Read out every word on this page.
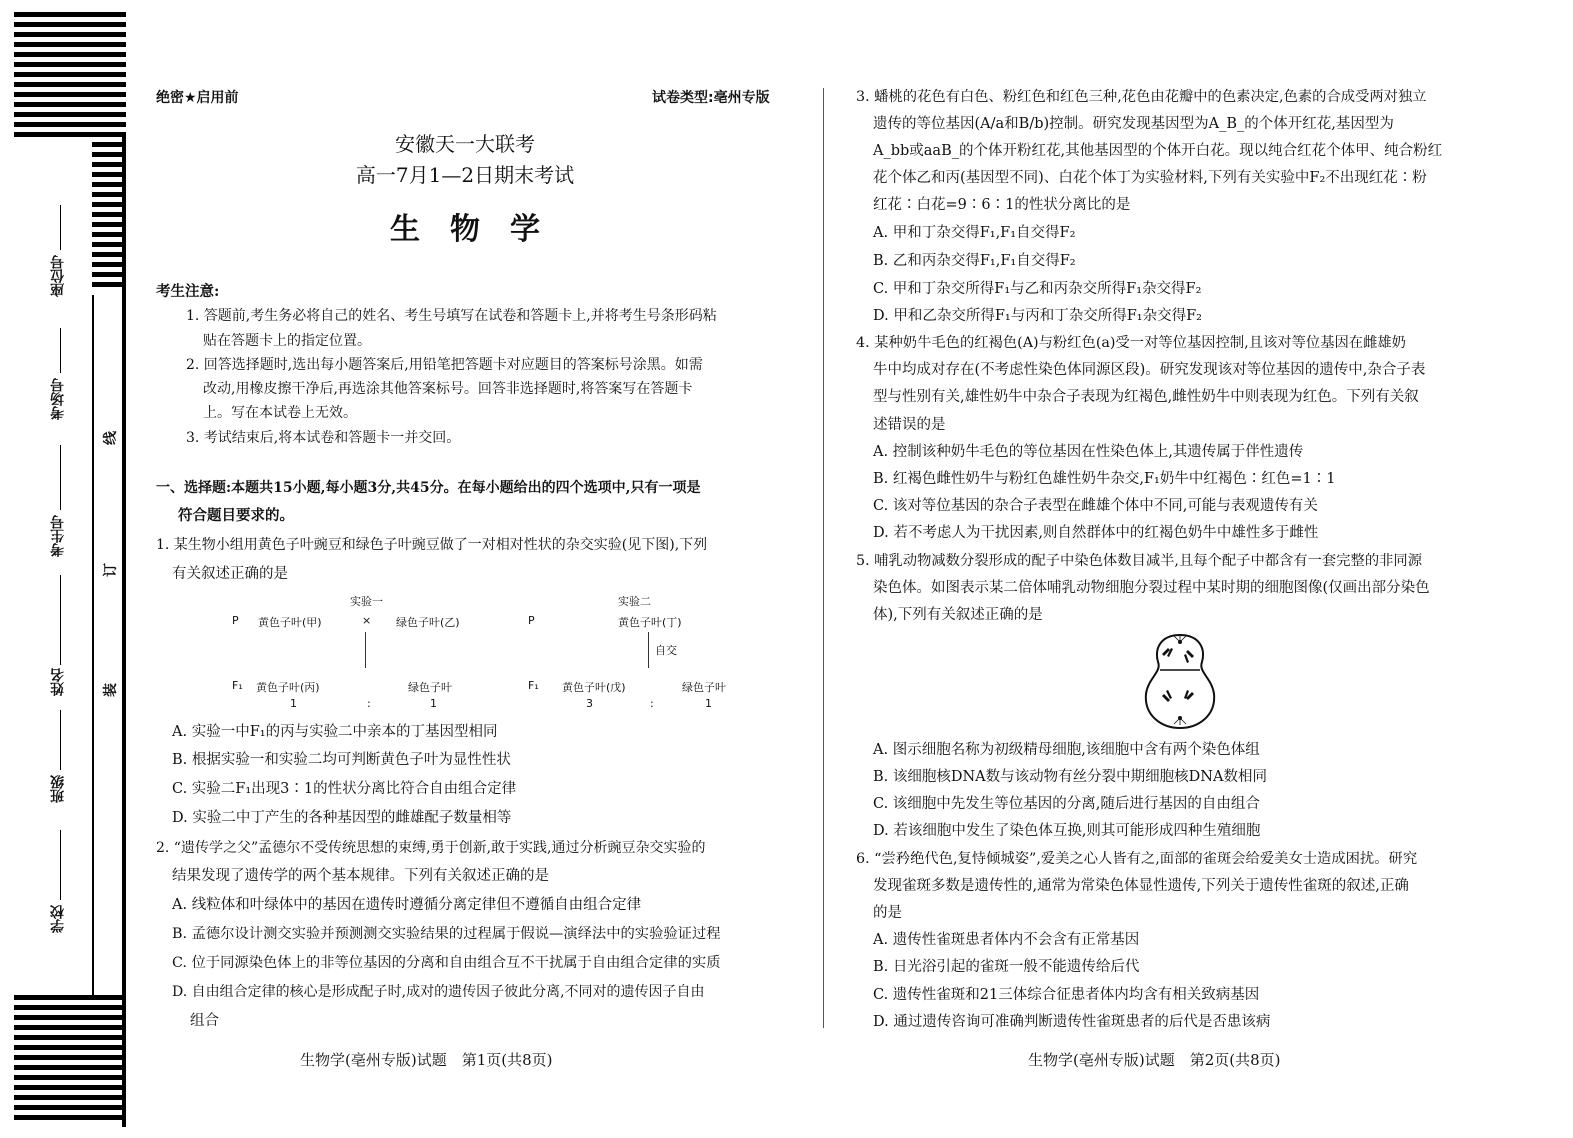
座位号
考场号
考生号
姓名
班级
学校
线
订
装
绝密★启用前	试卷类型:亳州专版
安徽天一大联考
高一7月1—2日期末考试
生　物　学
考生注意:
1. 答题前,考生务必将自己的姓名、考生号填写在试卷和答题卡上,并将考生号条形码粘
贴在答题卡上的指定位置。
2. 回答选择题时,选出每小题答案后,用铅笔把答题卡对应题目的答案标号涂黑。如需
改动,用橡皮擦干净后,再选涂其他答案标号。回答非选择题时,将答案写在答题卡
上。写在本试卷上无效。
3. 考试结束后,将本试卷和答题卡一并交回。
一、选择题:本题共15小题,每小题3分,共45分。在每小题给出的四个选项中,只有一项是
符合题目要求的。
1. 某生物小组用黄色子叶豌豆和绿色子叶豌豆做了一对相对性状的杂交实验(见下图),下列
有关叙述正确的是
实验一	实验二
P 黄色子叶(甲)	× 绿色子叶(乙)	P	黄色子叶(丁)
自交
F₁ 黄色子叶(丙)	绿色子叶	F₁ 黄色子叶(戊)	绿色子叶
1	:	1	3	:	1
A. 实验一中F₁的丙与实验二中亲本的丁基因型相同
B. 根据实验一和实验二均可判断黄色子叶为显性性状
C. 实验二F₁出现3∶1的性状分离比符合自由组合定律
D. 实验二中丁产生的各种基因型的雌雄配子数量相等
2. “遗传学之父”孟德尔不受传统思想的束缚,勇于创新,敢于实践,通过分析豌豆杂交实验的
结果发现了遗传学的两个基本规律。下列有关叙述正确的是
A. 线粒体和叶绿体中的基因在遗传时遵循分离定律但不遵循自由组合定律
B. 孟德尔设计测交实验并预测测交实验结果的过程属于假说—演绎法中的实验验证过程
C. 位于同源染色体上的非等位基因的分离和自由组合互不干扰属于自由组合定律的实质
D. 自由组合定律的核心是形成配子时,成对的遗传因子彼此分离,不同对的遗传因子自由
组合
生物学(亳州专版)试题　第1页(共8页)
3. 蟠桃的花色有白色、粉红色和红色三种,花色由花瓣中的色素决定,色素的合成受两对独立
遗传的等位基因(A/a和B/b)控制。研究发现基因型为A_B_的个体开红花,基因型为
A_bb或aaB_的个体开粉红花,其他基因型的个体开白花。现以纯合红花个体甲、纯合粉红
花个体乙和丙(基因型不同)、白花个体丁为实验材料,下列有关实验中F₂不出现红花∶粉
红花∶白花=9∶6∶1的性状分离比的是
A. 甲和丁杂交得F₁,F₁自交得F₂
B. 乙和丙杂交得F₁,F₁自交得F₂
C. 甲和丁杂交所得F₁与乙和丙杂交所得F₁杂交得F₂
D. 甲和乙杂交所得F₁与丙和丁杂交所得F₁杂交得F₂
4. 某种奶牛毛色的红褐色(A)与粉红色(a)受一对等位基因控制,且该对等位基因在雌雄奶
牛中均成对存在(不考虑性染色体同源区段)。研究发现该对等位基因的遗传中,杂合子表
型与性别有关,雄性奶牛中杂合子表现为红褐色,雌性奶牛中则表现为红色。下列有关叙
述错误的是
A. 控制该种奶牛毛色的等位基因在性染色体上,其遗传属于伴性遗传
B. 红褐色雌性奶牛与粉红色雄性奶牛杂交,F₁奶牛中红褐色∶红色=1∶1
C. 该对等位基因的杂合子表型在雌雄个体中不同,可能与表观遗传有关
D. 若不考虑人为干扰因素,则自然群体中的红褐色奶牛中雄性多于雌性
5. 哺乳动物减数分裂形成的配子中染色体数目减半,且每个配子中都含有一套完整的非同源
染色体。如图表示某二倍体哺乳动物细胞分裂过程中某时期的细胞图像(仅画出部分染色
体),下列有关叙述正确的是
A. 图示细胞名称为初级精母细胞,该细胞中含有两个染色体组
B. 该细胞核DNA数与该动物有丝分裂中期细胞核DNA数相同
C. 该细胞中先发生等位基因的分离,随后进行基因的自由组合
D. 若该细胞中发生了染色体互换,则其可能形成四种生殖细胞
6. “尝矜绝代色,复恃倾城姿”,爱美之心人皆有之,面部的雀斑会给爱美女士造成困扰。研究
发现雀斑多数是遗传性的,通常为常染色体显性遗传,下列关于遗传性雀斑的叙述,正确
的是
A. 遗传性雀斑患者体内不会含有正常基因
B. 日光浴引起的雀斑一般不能遗传给后代
C. 遗传性雀斑和21三体综合征患者体内均含有相关致病基因
D. 通过遗传咨询可准确判断遗传性雀斑患者的后代是否患该病
生物学(亳州专版)试题　第2页(共8页)
